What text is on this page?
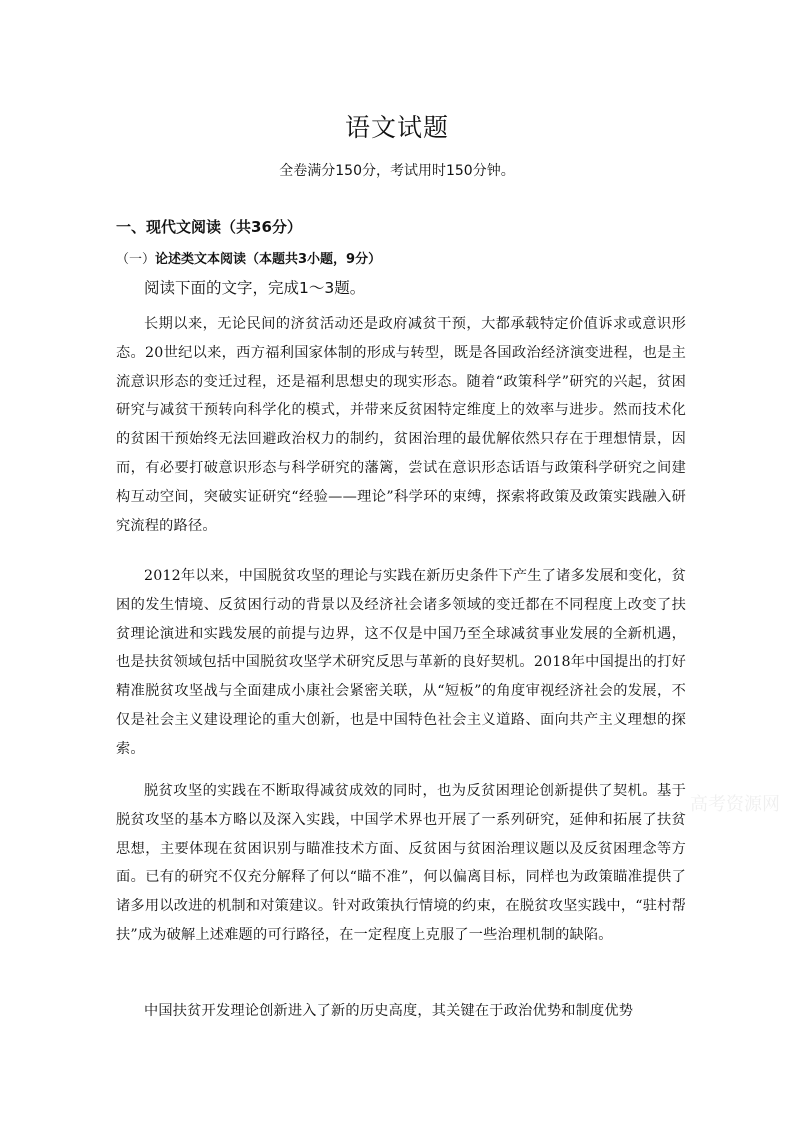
语文试题
全卷满分150分，考试用时150分钟。
一、现代文阅读（共36分）
（一）论述类文本阅读（本题共3小题，9分）
阅读下面的文字，完成1～3题。

长期以来，无论民间的济贫活动还是政府减贫干预，大都承载特定价值诉求或意识形态。20世纪以来，西方福利国家体制的形成与转型，既是各国政治经济演变进程，也是主流意识形态的变迁过程，还是福利思想史的现实形态。随着“政策科学”研究的兴起，贫困研究与减贫干预转向科学化的模式，并带来反贫困特定维度上的效率与进步。然而技术化的贫困干预始终无法回避政治权力的制约，贫困治理的最优解依然只存在于理想情景，因而，有必要打破意识形态与科学研究的藩篱，尝试在意识形态话语与政策科学研究之间建构互动空间，突破实证研究“经验——理论”科学环的束缚，探索将政策及政策实践融入研究流程的路径。

2012年以来，中国脱贫攻坚的理论与实践在新历史条件下产生了诸多发展和变化，贫困的发生情境、反贫困行动的背景以及经济社会诸多领域的变迁都在不同程度上改变了扶贫理论演进和实践发展的前提与边界，这不仅是中国乃至全球减贫事业发展的全新机遇，也是扶贫领域包括中国脱贫攻坚学术研究反思与革新的良好契机。2018年中国提出的打好精准脱贫攻坚战与全面建成小康社会紧密关联，从“短板”的角度审视经济社会的发展，不仅是社会主义建设理论的重大创新，也是中国特色社会主义道路、面向共产主义理想的探索。

脱贫攻坚的实践在不断取得减贫成效的同时，也为反贫困理论创新提供了契机。基于脱贫攻坚的基本方略以及深入实践，中国学术界也开展了一系列研究，延伸和拓展了扶贫思想，主要体现在贫困识别与瞄准技术方面、反贫困与贫困治理议题以及反贫困理念等方面。已有的研究不仅充分解释了何以“瞄不准”，何以偏离目标，同样也为政策瞄准提供了诸多用以改进的机制和对策建议。针对政策执行情境的约束，在脱贫攻坚实践中，“驻村帮扶”成为破解上述难题的可行路径，在一定程度上克服了一些治理机制的缺陷。

中国扶贫开发理论创新进入了新的历史高度，其关键在于政治优势和制度优势

高考资源网
